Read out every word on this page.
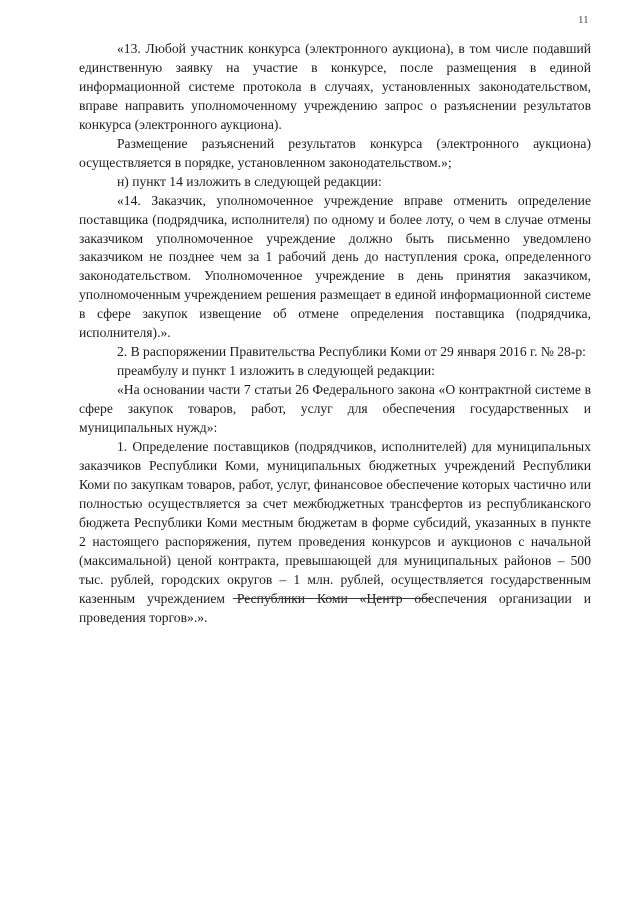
11

«13. Любой участник конкурса (электронного аукциона), в том числе подавший единственную заявку на участие в конкурсе, после размещения в единой информационной системе протокола в случаях, установленных законодательством, вправе направить уполномоченному учреждению запрос о разъяснении результатов конкурса (электронного аукциона).

Размещение разъяснений результатов конкурса (электронного аукциона) осуществляется в порядке, установленном законодательством.»;

н) пункт 14 изложить в следующей редакции:

«14. Заказчик, уполномоченное учреждение вправе отменить определение поставщика (подрядчика, исполнителя) по одному и более лоту, о чем в случае отмены заказчиком уполномоченное учреждение должно быть письменно уведомлено заказчиком не позднее чем за 1 рабочий день до наступления срока, определенного законодательством. Уполномоченное учреждение в день принятия заказчиком, уполномоченным учреждением решения размещает в единой информационной системе в сфере закупок извещение об отмене определения поставщика (подрядчика, исполнителя).».

2. В распоряжении Правительства Республики Коми от 29 января 2016 г. № 28-р:

преамбулу и пункт 1 изложить в следующей редакции:

«На основании части 7 статьи 26 Федерального закона «О контрактной системе в сфере закупок товаров, работ, услуг для обеспечения государственных и муниципальных нужд»:

1. Определение поставщиков (подрядчиков, исполнителей) для муниципальных заказчиков Республики Коми, муниципальных бюджетных учреждений Республики Коми по закупкам товаров, работ, услуг, финансовое обеспечение которых частично или полностью осуществляется за счет межбюджетных трансфертов из республиканского бюджета Республики Коми местным бюджетам в форме субсидий, указанных в пункте 2 настоящего распоряжения, путем проведения конкурсов и аукционов с начальной (максимальной) ценой контракта, превышающей для муниципальных районов – 500 тыс. рублей, городских округов – 1 млн. рублей, осуществляется государственным казенным учреждением Республики Коми «Центр обеспечения организации и проведения торгов».».
